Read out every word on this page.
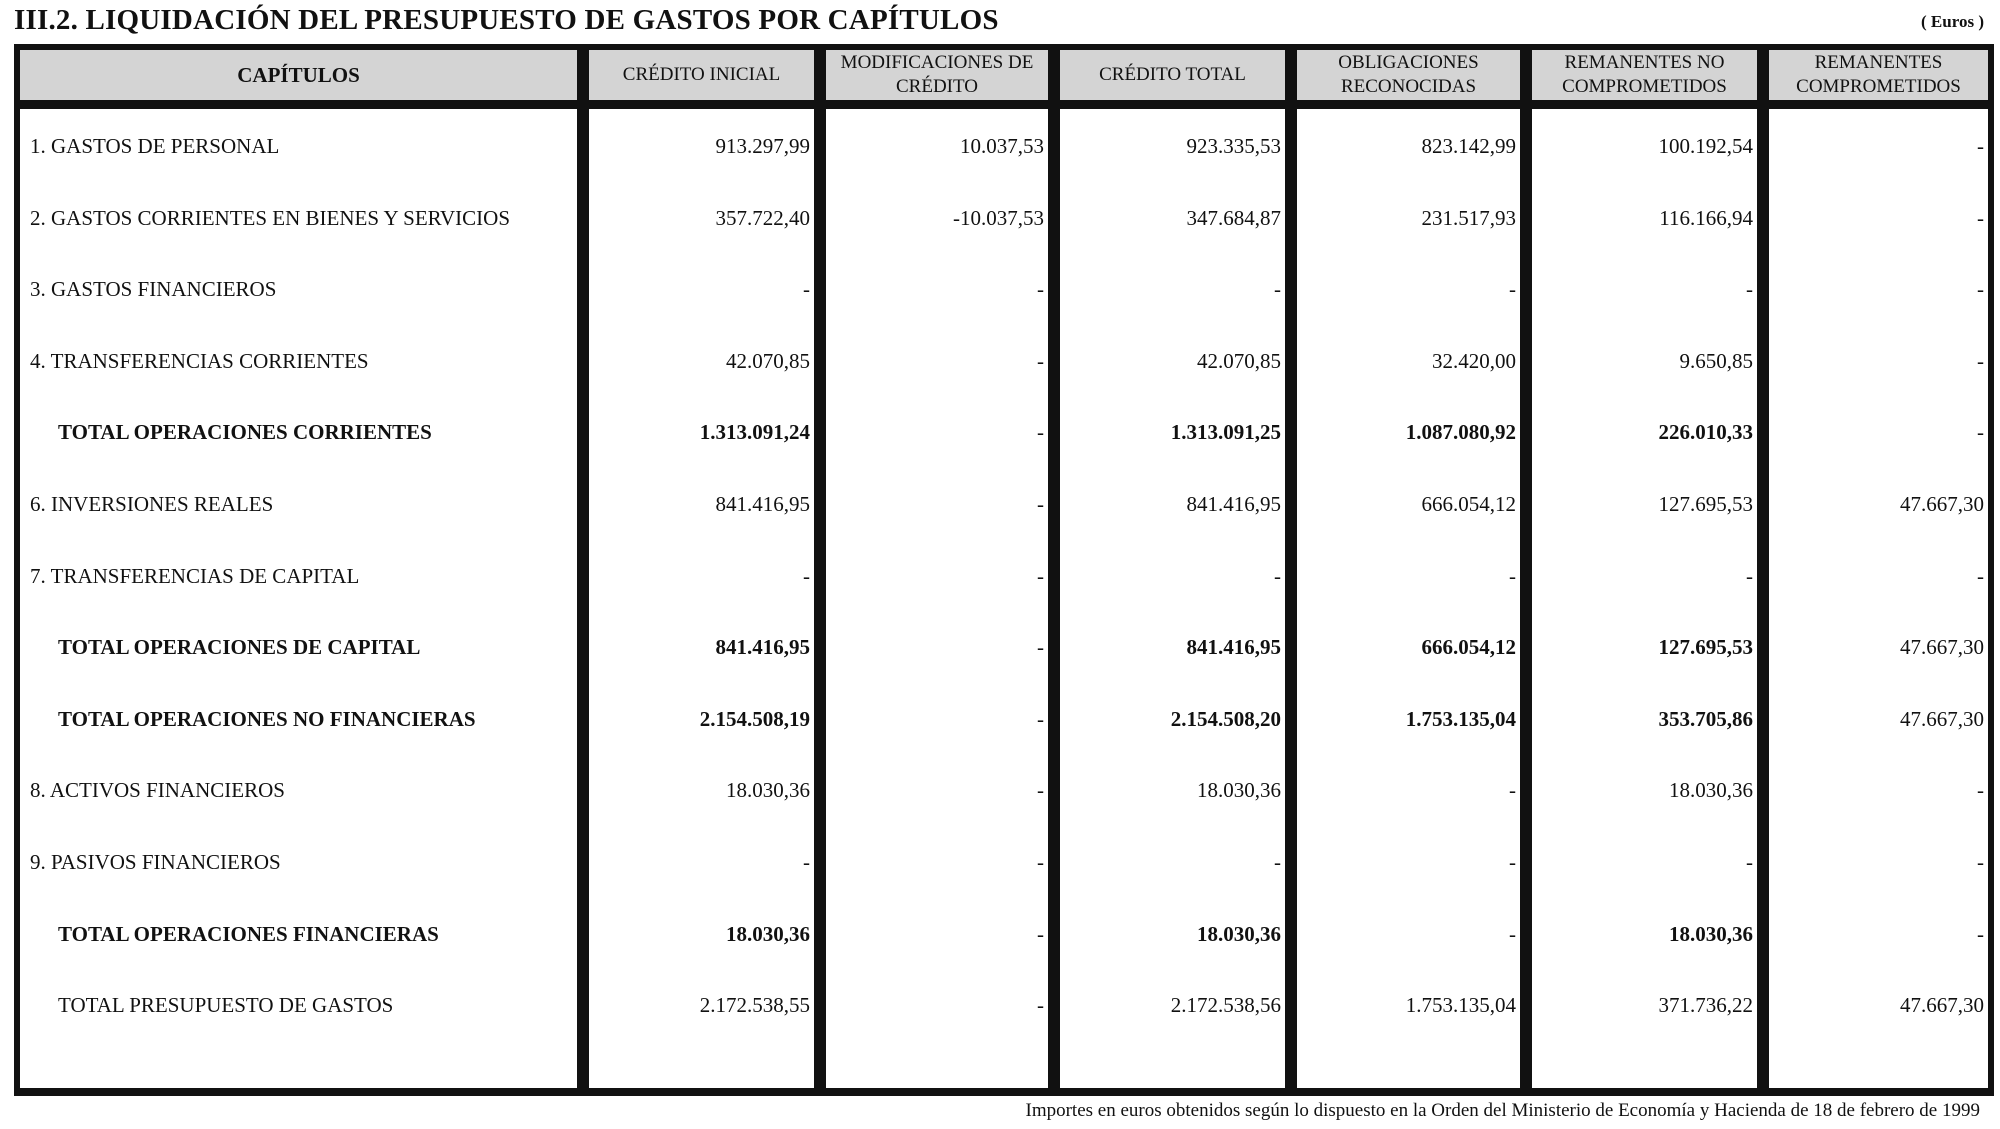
III.2. LIQUIDACIÓN DEL PRESUPUESTO DE GASTOS POR CAPÍTULOS	( Euros )
CAPÍTULOS
1. GASTOS DE PERSONAL
2. GASTOS CORRIENTES EN BIENES Y SERVICIOS
3. GASTOS FINANCIEROS
4. TRANSFERENCIAS CORRIENTES
TOTAL OPERACIONES CORRIENTES
6. INVERSIONES REALES
7. TRANSFERENCIAS DE CAPITAL
TOTAL OPERACIONES DE CAPITAL
TOTAL OPERACIONES NO FINANCIERAS
8. ACTIVOS FINANCIEROS
9. PASIVOS FINANCIEROS
TOTAL OPERACIONES FINANCIERAS
TOTAL PRESUPUESTO DE GASTOS
CRÉDITO INICIAL
913.297,99
357.722,40
-
42.070,85
1.313.091,24
841.416,95
-
841.416,95
2.154.508,19
18.030,36
-
18.030,36
2.172.538,55
MODIFICACIONES DE CRÉDITO
10.037,53
-10.037,53
-
-
-
-
-
-
-
-
-
-
-
CRÉDITO TOTAL
923.335,53
347.684,87
-
42.070,85
1.313.091,25
841.416,95
-
841.416,95
2.154.508,20
18.030,36
-
18.030,36
2.172.538,56
OBLIGACIONES RECONOCIDAS
823.142,99
231.517,93
-
32.420,00
1.087.080,92
666.054,12
-
666.054,12
1.753.135,04
-
-
-
1.753.135,04
REMANENTES NO COMPROMETIDOS
100.192,54
116.166,94
-
9.650,85
226.010,33
127.695,53
-
127.695,53
353.705,86
18.030,36
-
18.030,36
371.736,22
REMANENTES COMPROMETIDOS
-
-
-
-
-
47.667,30
-
47.667,30
47.667,30
-
-
-
47.667,30
Importes en euros obtenidos según lo dispuesto en la Orden del Ministerio de Economía y Hacienda de 18 de febrero de 1999
